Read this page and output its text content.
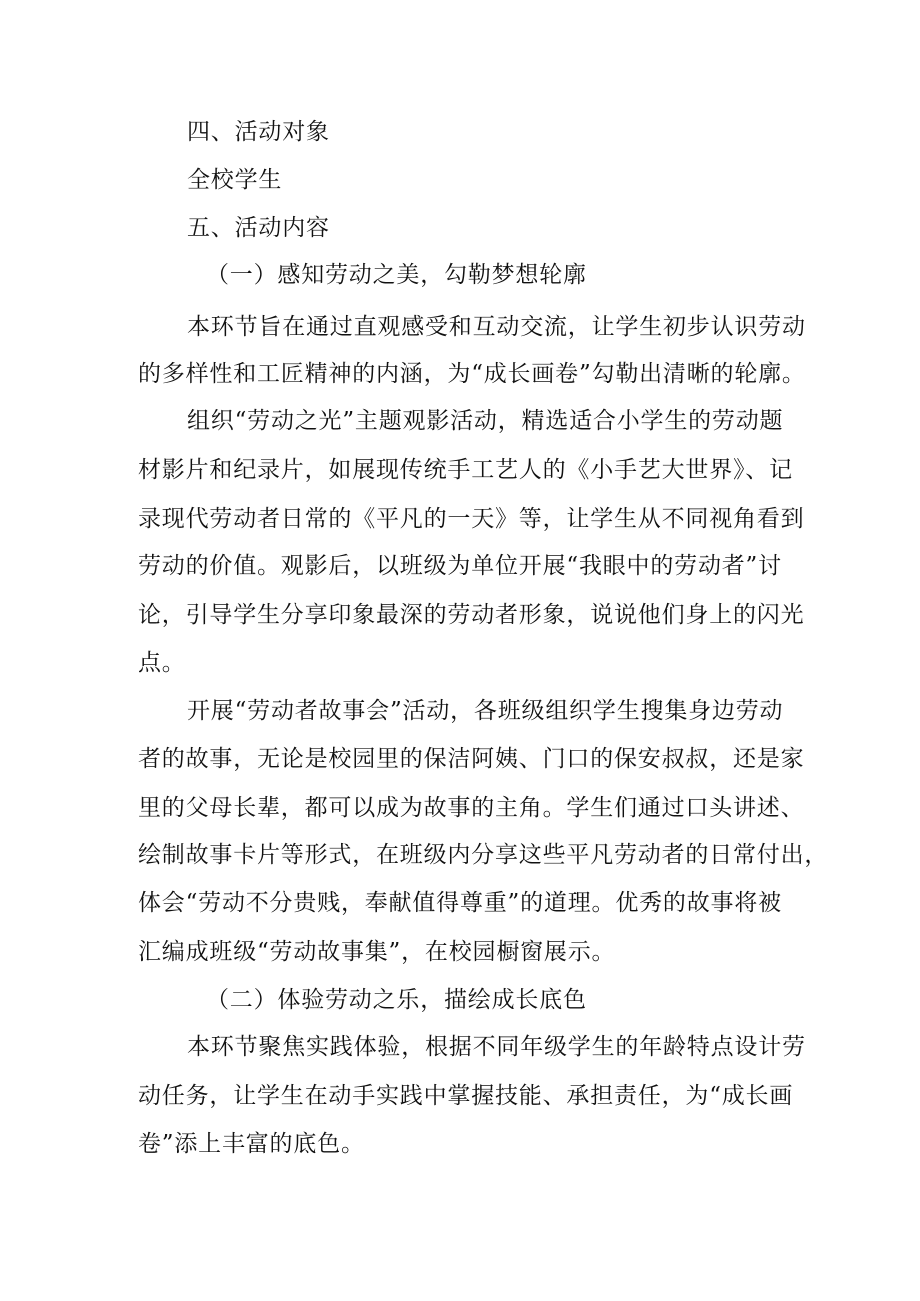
四、活动对象
全校学生
五、活动内容
（一）感知劳动之美，勾勒梦想轮廓
本环节旨在通过直观感受和互动交流，让学生初步认识劳动
的多样性和工匠精神的内涵，为“成长画卷”勾勒出清晰的轮廓。
组织“劳动之光”主题观影活动，精选适合小学生的劳动题
材影片和纪录片，如展现传统手工艺人的《小手艺大世界》、记
录现代劳动者日常的《平凡的一天》等，让学生从不同视角看到
劳动的价值。观影后，以班级为单位开展“我眼中的劳动者”讨
论，引导学生分享印象最深的劳动者形象，说说他们身上的闪光
点。
开展“劳动者故事会”活动，各班级组织学生搜集身边劳动
者的故事，无论是校园里的保洁阿姨、门口的保安叔叔，还是家
里的父母长辈，都可以成为故事的主角。学生们通过口头讲述、
绘制故事卡片等形式，在班级内分享这些平凡劳动者的日常付出，
体会“劳动不分贵贱，奉献值得尊重”的道理。优秀的故事将被
汇编成班级“劳动故事集”，在校园橱窗展示。
（二）体验劳动之乐，描绘成长底色
本环节聚焦实践体验，根据不同年级学生的年龄特点设计劳
动任务，让学生在动手实践中掌握技能、承担责任，为“成长画
卷”添上丰富的底色。
